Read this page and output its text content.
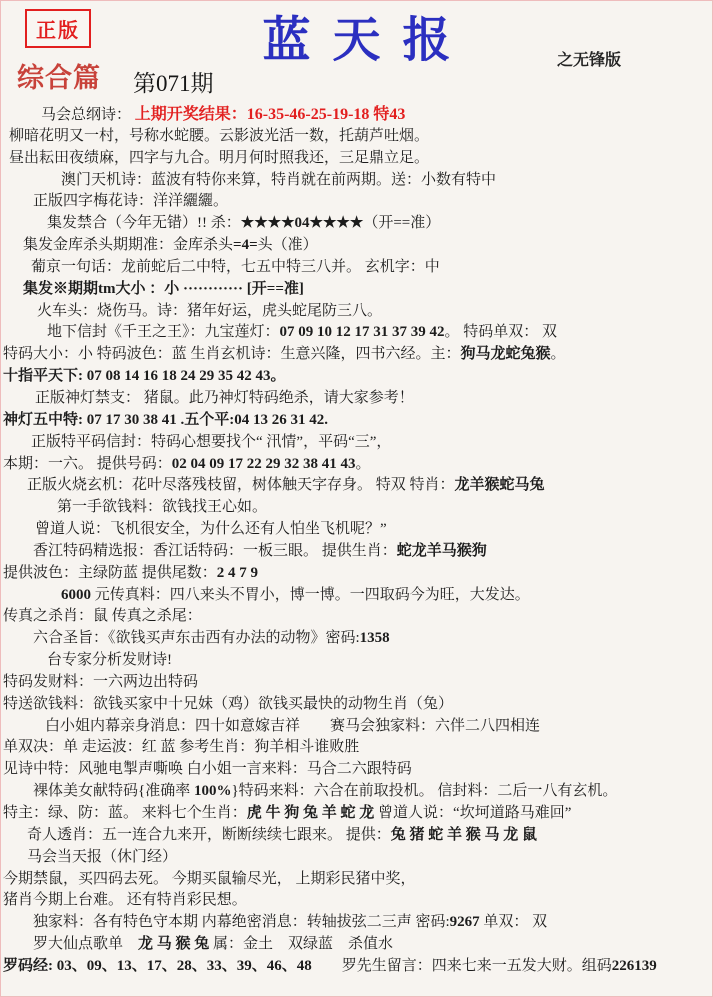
蓝天报
正版
之无锋版
综合篇 第071期
马会总纲诗： 上期开奖结果：16-35-46-25-19-18 特43
柳暗花明又一村，号称水蛇腰。云影波光活一数，托葫芦吐烟。
昼出耘田夜绩麻，四字与九合。明月何时照我还，三足鼎立足。
澳门天机诗：蓝波有特你来算，特肖就在前两期。送：小数有特中
正版四字梅花诗：洋洋纚纚。
集发禁合（今年无错）!! 杀：★★★★04★★★★（开==准）
集发金库杀头期期准：金库杀头=4=头（准）
葡京一句话：龙前蛇后二中特，七五中特三八并。 玄机字：中
集发※期期tm大小 ：小 ············ [开==准]
火车头：烧伤马。诗：猪年好运，虎头蛇尾防三八。
地下信封《千王之王》：九宝莲灯：07 09 10 12 17 31 37 39 42。 特码单双： 双
特码大小：小 特码波色：蓝 生肖玄机诗：生意兴隆，四书六经。主：狗马龙蛇兔猴。
十指平天下: 07 08 14 16 18 24 29 35 42 43。
正版神灯禁支： 猪鼠。此乃神灯特码绝杀，请大家参考！
神灯五中特: 07 17 30 38 41 .五个平:04 13 26 31 42.
正版特平码信封：特码心想要找个“ 汛情”，平码“三”，
本期：一六。 提供号码：02 04 09 17 22 29 32 38 41 43。
正版火烧玄机：花叶尽落残枝留，树体触天字存身。 特双 特肖：龙羊猴蛇马兔
第一手欲钱料：欲钱找王心如。
曾道人说：飞机很安全，为什么还有人怕坐飞机呢？”
香江特码精选报：香江话特码：一板三眼。 提供生肖：蛇龙羊马猴狗
提供波色：主绿防蓝 提供尾数：2 4 7 9
6000 元传真料：四八来头不胃小，博一博。一四取码今为旺，大发达。
传真之杀肖：鼠 传真之杀尾：
六合圣旨：《欲钱买声东击西有办法的动物》密码:1358
台专家分析发财诗!
特码发财料：一六两边出特码
特送欲钱料：欲钱买家中十兄妹（鸡）欲钱买最快的动物生肖（兔）
白小姐内幕亲身消息：四十如意嫁吉祥　　赛马会独家料：六伴二八四相连
单双决：单 走运波：红 蓝 参考生肖：狗羊相斗谁败胜
见诗中特：风驰电掣声嘶唤 白小姐一言来料：马合二六跟特码
裸体美女献特码{准确率 100%}特码来料：六合在前取投机。 信封料：二后一八有玄机。
特主：绿、防：蓝。 来料七个生肖：虎 牛 狗 兔 羊 蛇 龙 曾道人说：“坎坷道路马难回”
奇人透肖：五一连合九来开，断断续续七跟来。 提供：兔 猪 蛇 羊 猴 马 龙 鼠
马会当天报（休门经）
今期禁鼠，买四码去死。 今期买鼠输尽光， 上期彩民猪中奖，
猪肖今期上台难。 还有特肖彩民想。
独家料：各有特色守本期 内幕绝密消息：转轴拔弦二三声 密码:9267 单双： 双
罗大仙点歌单　龙 马 猴 兔 属：金土　双绿蓝　杀值水
罗码经: 03、09、13、17、28、33、39、46、48　　罗先生留言：四来七来一五发大财。组码226139
